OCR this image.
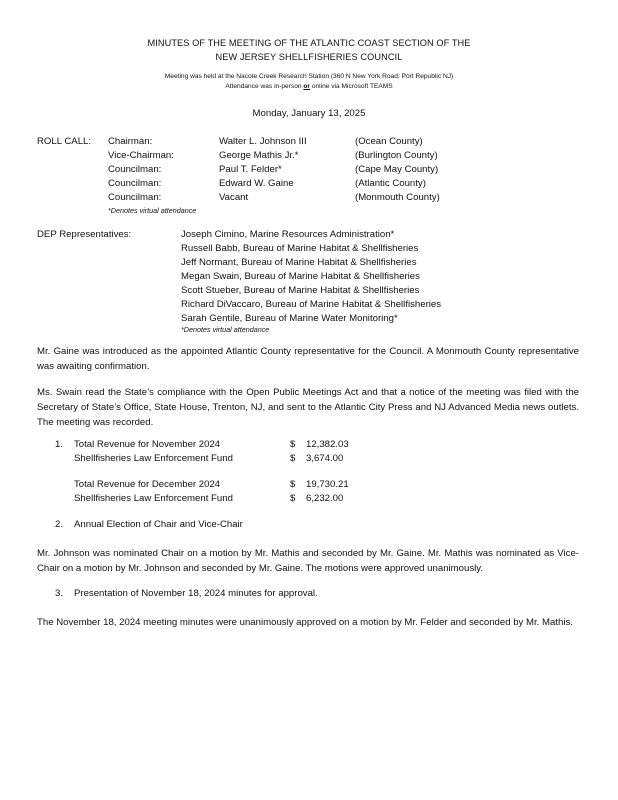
MINUTES OF THE MEETING OF THE ATLANTIC COAST SECTION OF THE
NEW JERSEY SHELLFISHERIES COUNCIL
Meeting was held at the Nacote Creek Research Station (360 N New York Road, Port Republic NJ)
Attendance was in-person or online via Microsoft TEAMS
Monday, January 13, 2025
ROLL CALL: Chairman:	Walter L. Johnson III	(Ocean County)
Vice-Chairman:	George Mathis Jr.*	(Burlington County)
Councilman:	Paul T. Felder*	(Cape May County)
Councilman:	Edward W. Gaine	(Atlantic County)
Councilman:	Vacant	(Monmouth County)
*Denotes virtual attendance
DEP Representatives:	Joseph Cimino, Marine Resources Administration*
Russell Babb, Bureau of Marine Habitat & Shellfisheries
Jeff Normant, Bureau of Marine Habitat & Shellfisheries
Megan Swain, Bureau of Marine Habitat & Shellfisheries
Scott Stueber, Bureau of Marine Habitat & Shellfisheries
Richard DiVaccaro, Bureau of Marine Habitat & Shellfisheries
Sarah Gentile, Bureau of Marine Water Monitoring*
*Denotes virtual attendance
Mr. Gaine was introduced as the appointed Atlantic County representative for the Council. A Monmouth County representative was awaiting confirmation.
Ms. Swain read the State’s compliance with the Open Public Meetings Act and that a notice of the meeting was filed with the Secretary of State’s Office, State House, Trenton, NJ, and sent to the Atlantic City Press and NJ Advanced Media news outlets. The meeting was recorded.
1. Total Revenue for November 2024	$ 12,382.03
Shellfisheries Law Enforcement Fund	$ 3,674.00
Total Revenue for December 2024	$ 19,730.21
Shellfisheries Law Enforcement Fund	$ 6,232.00
2. Annual Election of Chair and Vice-Chair
Mr. Johnson was nominated Chair on a motion by Mr. Mathis and seconded by Mr. Gaine. Mr. Mathis was nominated as Vice-Chair on a motion by Mr. Johnson and seconded by Mr. Gaine. The motions were approved unanimously.
3. Presentation of November 18, 2024 minutes for approval.
The November 18, 2024 meeting minutes were unanimously approved on a motion by Mr. Felder and seconded by Mr. Mathis.
